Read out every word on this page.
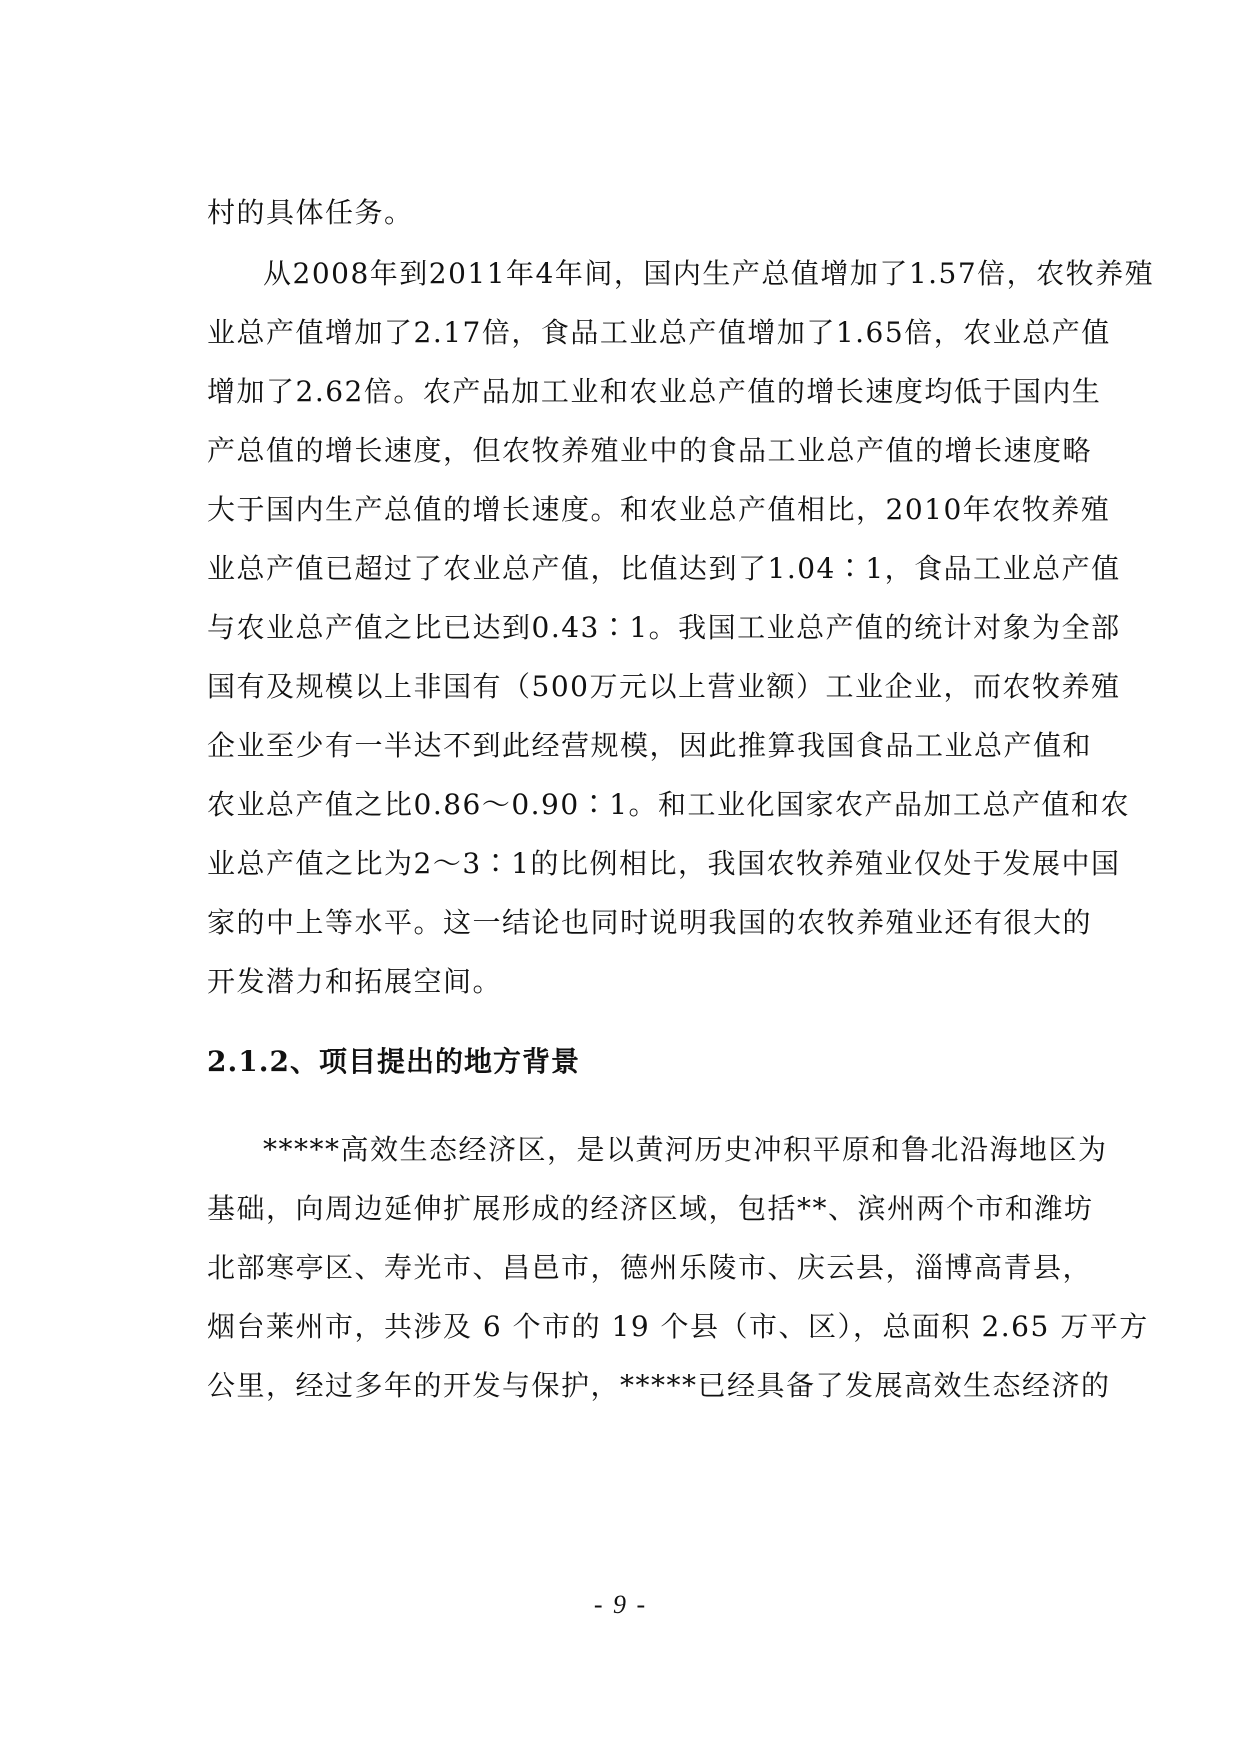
村的具体任务。
从2008年到2011年4年间，国内生产总值增加了1.57倍，农牧养殖
业总产值增加了2.17倍，食品工业总产值增加了1.65倍，农业总产值
增加了2.62倍。农产品加工业和农业总产值的增长速度均低于国内生
产总值的增长速度，但农牧养殖业中的食品工业总产值的增长速度略
大于国内生产总值的增长速度。和农业总产值相比，2010年农牧养殖
业总产值已超过了农业总产值，比值达到了1.04∶1，食品工业总产值
与农业总产值之比已达到0.43∶1。我国工业总产值的统计对象为全部
国有及规模以上非国有（500万元以上营业额）工业企业，而农牧养殖
企业至少有一半达不到此经营规模，因此推算我国食品工业总产值和
农业总产值之比0.86～0.90∶1。和工业化国家农产品加工总产值和农
业总产值之比为2～3∶1的比例相比，我国农牧养殖业仅处于发展中国
家的中上等水平。这一结论也同时说明我国的农牧养殖业还有很大的
开发潜力和拓展空间。
2.1.2、项目提出的地方背景
*****高效生态经济区，是以黄河历史冲积平原和鲁北沿海地区为
基础，向周边延伸扩展形成的经济区域，包括**、滨州两个市和潍坊
北部寒亭区、寿光市、昌邑市，德州乐陵市、庆云县，淄博高青县，
烟台莱州市，共涉及 6 个市的 19 个县（市、区），总面积 2.65 万平方
公里，经过多年的开发与保护，*****已经具备了发展高效生态经济的
- 9 -
